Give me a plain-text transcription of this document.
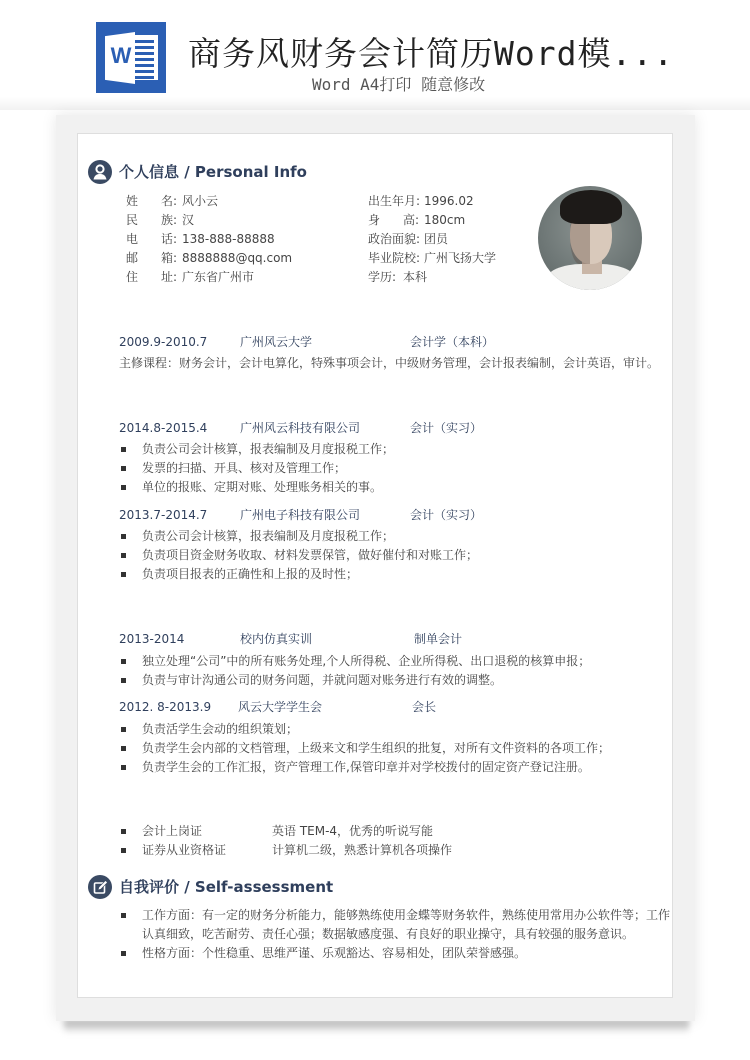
W 商务风财务会计简历Word模...
Word A4打印 随意修改
个人信息 / Personal Info
姓 名: 风小云
民 族: 汉
电 话: 138-888-88888
邮 箱: 8888888@qq.com
住 址: 广东省广州市
出生年月: 1996.02
身 高: 180cm
政治面貌: 团员
毕业院校: 广州飞扬大学
学历: 本科
2009.9-2010.7	广州风云大学	会计学（本科）
主修课程：财务会计，会计电算化，特殊事项会计，中级财务管理，会计报表编制，会计英语，审计。
2014.8-2015.4	广州风云科技有限公司	会计（实习）
负责公司会计核算，报表编制及月度报税工作；
发票的扫描、开具、核对及管理工作；
单位的报账、定期对账、处理账务相关的事。
2013.7-2014.7	广州电子科技有限公司	会计（实习）
负责公司会计核算，报表编制及月度报税工作；
负责项目资金财务收取、材料发票保管，做好催付和对账工作；
负责项目报表的正确性和上报的及时性；
2013-2014	校内仿真实训	制单会计
独立处理“公司”中的所有账务处理,个人所得税、企业所得税、出口退税的核算申报；
负责与审计沟通公司的财务问题，并就问题对账务进行有效的调整。
2012. 8-2013.9 风云大学学生会	会长
负责活学生会动的组织策划；
负责学生会内部的文档管理，上级来文和学生组织的批复，对所有文件资料的各项工作；
负责学生会的工作汇报，资产管理工作,保管印章并对学校拨付的固定资产登记注册。
会计上岗证	英语 TEM-4，优秀的听说写能
证券从业资格证	计算机二级，熟悉计算机各项操作
自我评价 / Self-assessment
工作方面：有一定的财务分析能力，能够熟练使用金蝶等财务软件，熟练使用常用办公软件等；工作
认真细致，吃苦耐劳、责任心强；数据敏感度强、有良好的职业操守，具有较强的服务意识。
性格方面：个性稳重、思维严谨、乐观豁达、容易相处，团队荣誉感强。
